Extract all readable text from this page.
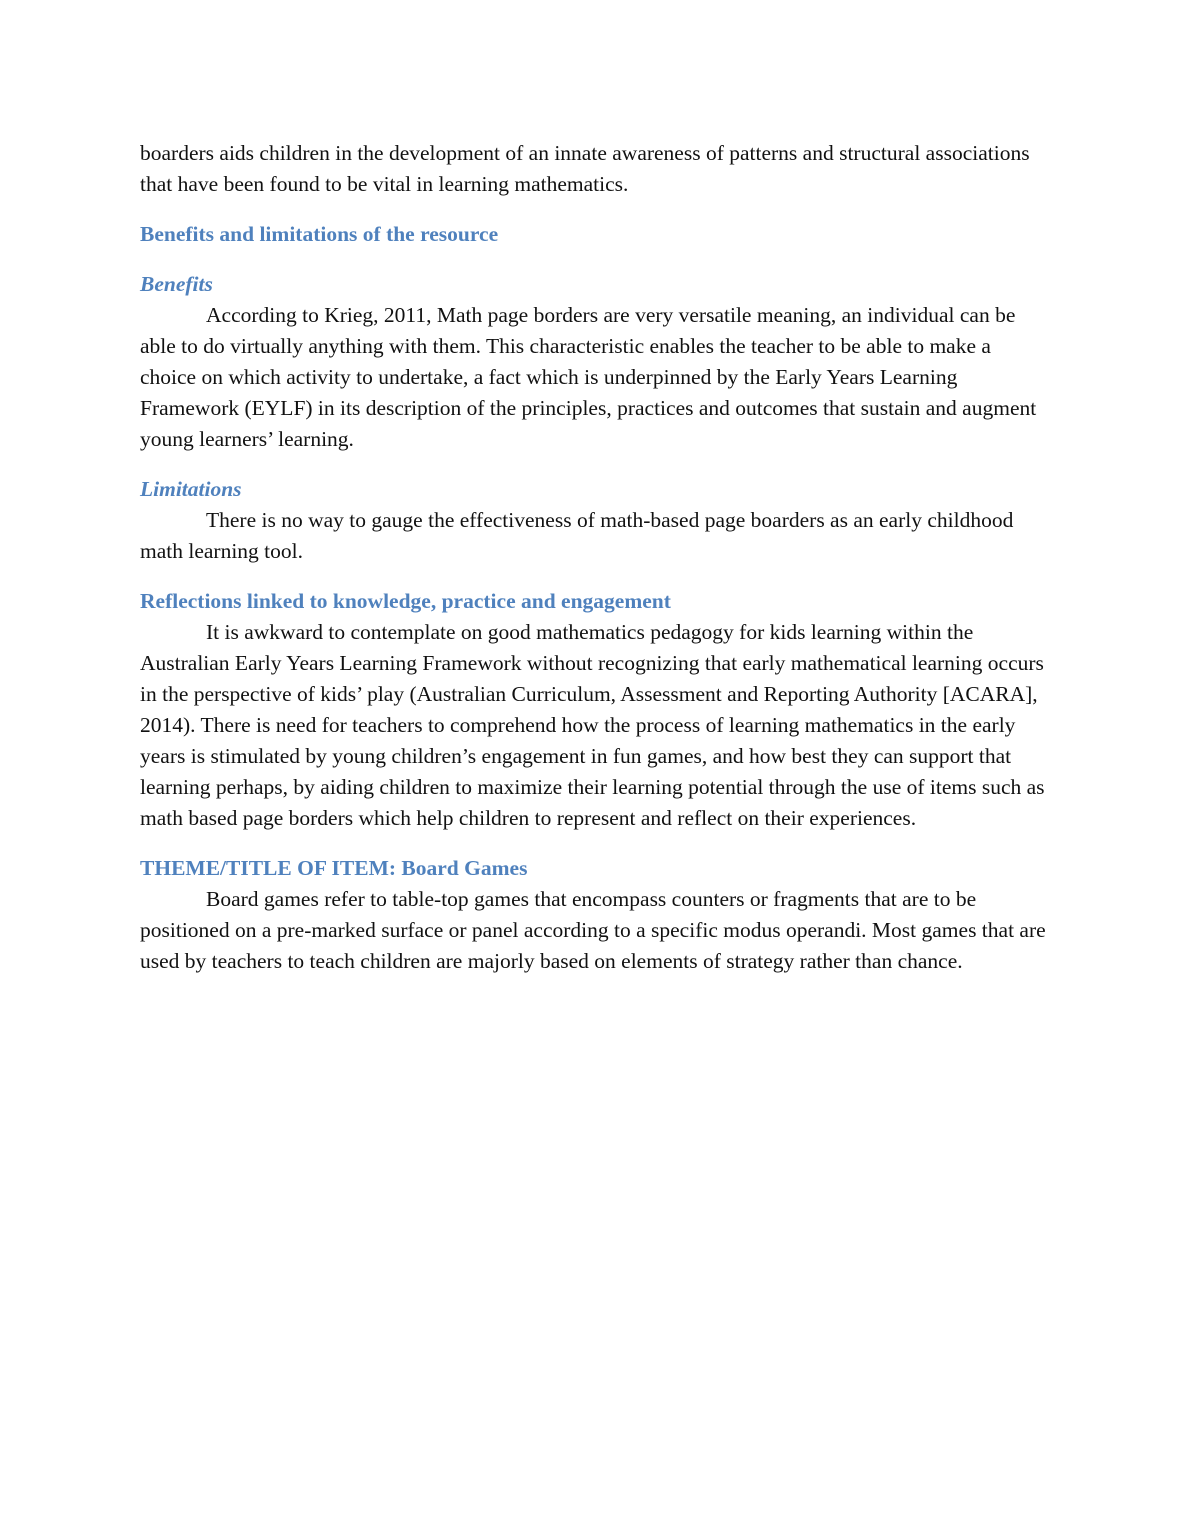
boarders aids children in the development of an innate awareness of patterns and structural associations that have been found to be vital in learning mathematics.

Benefits and limitations of the resource
Benefits

According to Krieg, 2011, Math page borders are very versatile meaning, an individual can be able to do virtually anything with them. This characteristic enables the teacher to be able to make a choice on which activity to undertake, a fact which is underpinned by the Early Years Learning Framework (EYLF) in its description of the principles, practices and outcomes that sustain and augment young learners’ learning.

Limitations

There is no way to gauge the effectiveness of math-based page boarders as an early childhood math learning tool.

Reflections linked to knowledge, practice and engagement

It is awkward to contemplate on good mathematics pedagogy for kids learning within the Australian Early Years Learning Framework without recognizing that early mathematical learning occurs in the perspective of kids’ play (Australian Curriculum, Assessment and Reporting Authority [ACARA], 2014). There is need for teachers to comprehend how the process of learning mathematics in the early years is stimulated by young children’s engagement in fun games, and how best they can support that learning perhaps, by aiding children to maximize their learning potential through the use of items such as math based page borders which help children to represent and reflect on their experiences.

THEME/TITLE OF ITEM: Board Games

Board games refer to table-top games that encompass counters or fragments that are to be positioned on a pre-marked surface or panel according to a specific modus operandi. Most games that are used by teachers to teach children are majorly based on elements of strategy rather than chance.
